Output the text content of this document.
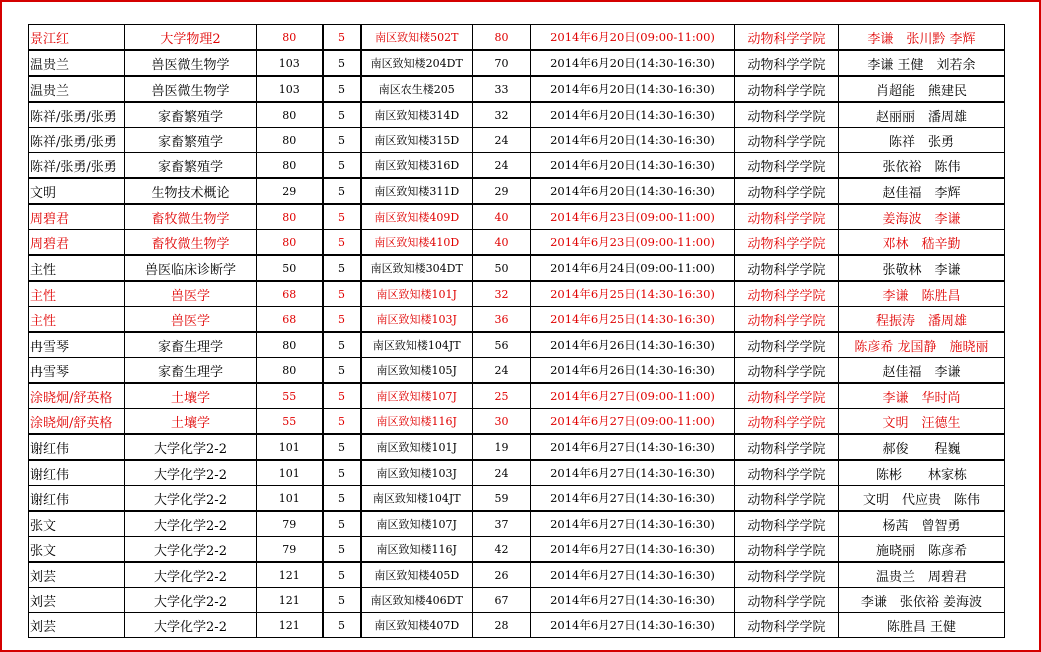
景江红	大学物理2	80	5	南区致知楼502T	80	2014年6月20日(09:00-11:00)	动物科学学院	李谦　张川黔 李辉
温贵兰	兽医微生物学	103	5	南区致知楼204DT	70	2014年6月20日(14:30-16:30)	动物科学学院	李谦 王健　刘若余
温贵兰	兽医微生物学	103	5	南区农生楼205	33	2014年6月20日(14:30-16:30)	动物科学学院	肖超能　熊建民
陈祥/张勇/张勇	家畜繁殖学	80	5	南区致知楼314D	32	2014年6月20日(14:30-16:30)	动物科学学院	赵丽丽　潘周雄
陈祥/张勇/张勇	家畜繁殖学	80	5	南区致知楼315D	24	2014年6月20日(14:30-16:30)	动物科学学院	陈祥　张勇
陈祥/张勇/张勇	家畜繁殖学	80	5	南区致知楼316D	24	2014年6月20日(14:30-16:30)	动物科学学院	张依裕　陈伟
文明	生物技术概论	29	5	南区致知楼311D	29	2014年6月20日(14:30-16:30)	动物科学学院	赵佳福　李辉
周碧君	畜牧微生物学	80	5	南区致知楼409D	40	2014年6月23日(09:00-11:00)	动物科学学院	姜海波　李谦
周碧君	畜牧微生物学	80	5	南区致知楼410D	40	2014年6月23日(09:00-11:00)	动物科学学院	邓林　嵇辛勤
主性	兽医临床诊断学	50	5	南区致知楼304DT	50	2014年6月24日(09:00-11:00)	动物科学学院	张敬林　李谦
主性	兽医学	68	5	南区致知楼101J	32	2014年6月25日(14:30-16:30)	动物科学学院	李谦　陈胜昌
主性	兽医学	68	5	南区致知楼103J	36	2014年6月25日(14:30-16:30)	动物科学学院	程振涛　潘周雄
冉雪琴	家畜生理学	80	5	南区致知楼104JT	56	2014年6月26日(14:30-16:30)	动物科学学院	陈彦希 龙国静　施晓丽
冉雪琴	家畜生理学	80	5	南区致知楼105J	24	2014年6月26日(14:30-16:30)	动物科学学院	赵佳福　李谦
涂晓炯/舒英格	土壤学	55	5	南区致知楼107J	25	2014年6月27日(09:00-11:00)	动物科学学院	李谦　华时尚
涂晓炯/舒英格	土壤学	55	5	南区致知楼116J	30	2014年6月27日(09:00-11:00)	动物科学学院	文明　汪德生
谢红伟	大学化学2-2	101	5	南区致知楼101J	19	2014年6月27日(14:30-16:30)	动物科学学院	郝俊　　程巍
谢红伟	大学化学2-2	101	5	南区致知楼103J	24	2014年6月27日(14:30-16:30)	动物科学学院	陈彬　　林家栋
谢红伟	大学化学2-2	101	5	南区致知楼104JT	59	2014年6月27日(14:30-16:30)	动物科学学院	文明　代应贵　陈伟
张文	大学化学2-2	79	5	南区致知楼107J	37	2014年6月27日(14:30-16:30)	动物科学学院	杨茜　曾智勇
张文	大学化学2-2	79	5	南区致知楼116J	42	2014年6月27日(14:30-16:30)	动物科学学院	施晓丽　陈彦希
刘芸	大学化学2-2	121	5	南区致知楼405D	26	2014年6月27日(14:30-16:30)	动物科学学院	温贵兰　周碧君
刘芸	大学化学2-2	121	5	南区致知楼406DT	67	2014年6月27日(14:30-16:30)	动物科学学院	李谦　张依裕 姜海波
刘芸	大学化学2-2	121	5	南区致知楼407D	28	2014年6月27日(14:30-16:30)	动物科学学院	陈胜昌 王健
